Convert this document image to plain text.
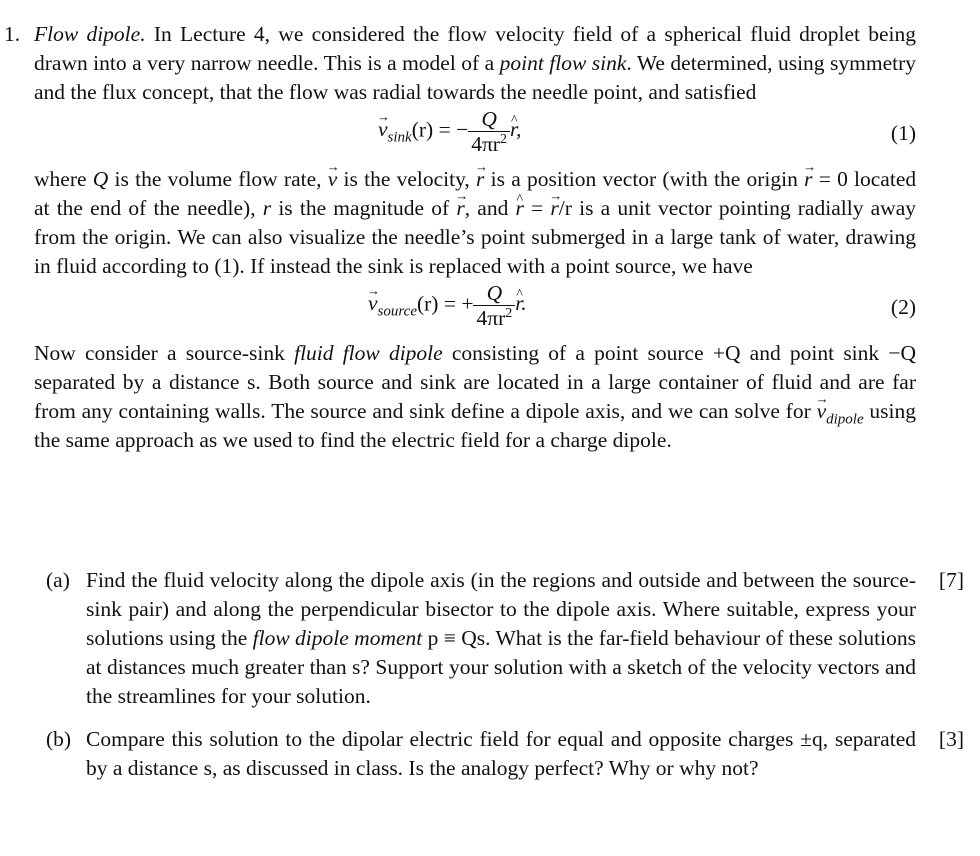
1. Flow dipole. In Lecture 4, we considered the flow velocity field of a spherical fluid droplet being drawn into a very narrow needle. This is a model of a point flow sink. We determined, using symmetry and the flux concept, that the flow was radial towards the needle point, and satisfied

→ $v_{sink}(r)$ = − $\frac{Q}{4\pi r^2}$ ^ r,	(1)

where Q is the volume flow rate, → v is the velocity, → r is a position vector (with the origin → r = 0 located at the end of the needle), r is the magnitude of → r, and ^ r = → r/r is a unit vector pointing radially away from the origin. We can also visualize the needle’s point submerged in a large tank of water, drawing in fluid according to (1). If instead the sink is replaced with a point source, we have

→ $v_{source}(r)$ = + $\frac{Q}{4\pi r^2}$ ^ r.	(2)

Now consider a source-sink fluid flow dipole consisting of a point source +Q and point sink −Q separated by a distance s. Both source and sink are located in a large container of fluid and are far from any containing walls. The source and sink define a dipole axis, and we can solve for → $v_{dipole}$ using the same approach as we used to find the electric field for a charge dipole.

(a) Find the fluid velocity along the dipole axis (in the regions and outside and between the source-sink pair) and along the perpendicular bisector to the dipole axis. Where suitable, express your solutions using the flow dipole moment p ≡ Qs. What is the far-field behaviour of these solutions at distances much greater than s? Support your solution with a sketch of the velocity vectors and the streamlines for your solution.
[7]
(b) Compare this solution to the dipolar electric field for equal and opposite charges ±q, separated by a distance s, as discussed in class. Is the analogy perfect? Why or why not?
[3]
